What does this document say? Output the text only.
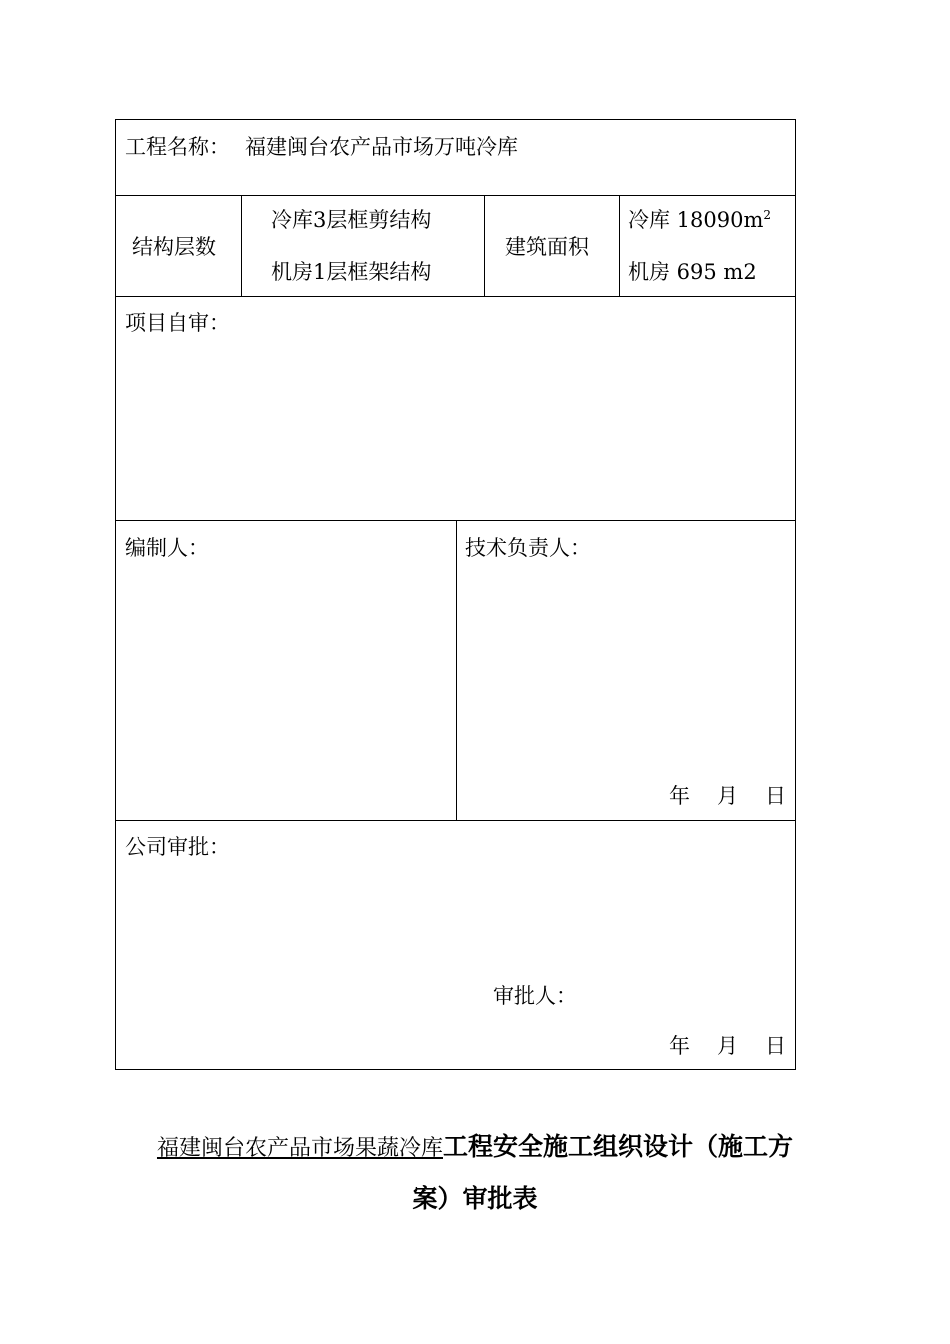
工程名称： 福建闽台农产品市场万吨冷库
结构层数
冷库3层框剪结构
机房1层框架结构
建筑面积
冷库 $18090m^2$
机房 695 m2
项目自审：
编制人：	技术负责人：
年 月 日
公司审批：
审批人：
年 月 日
福建闽台农产品市场果蔬冷库工程安全施工组织设计（施工方
案）审批表
